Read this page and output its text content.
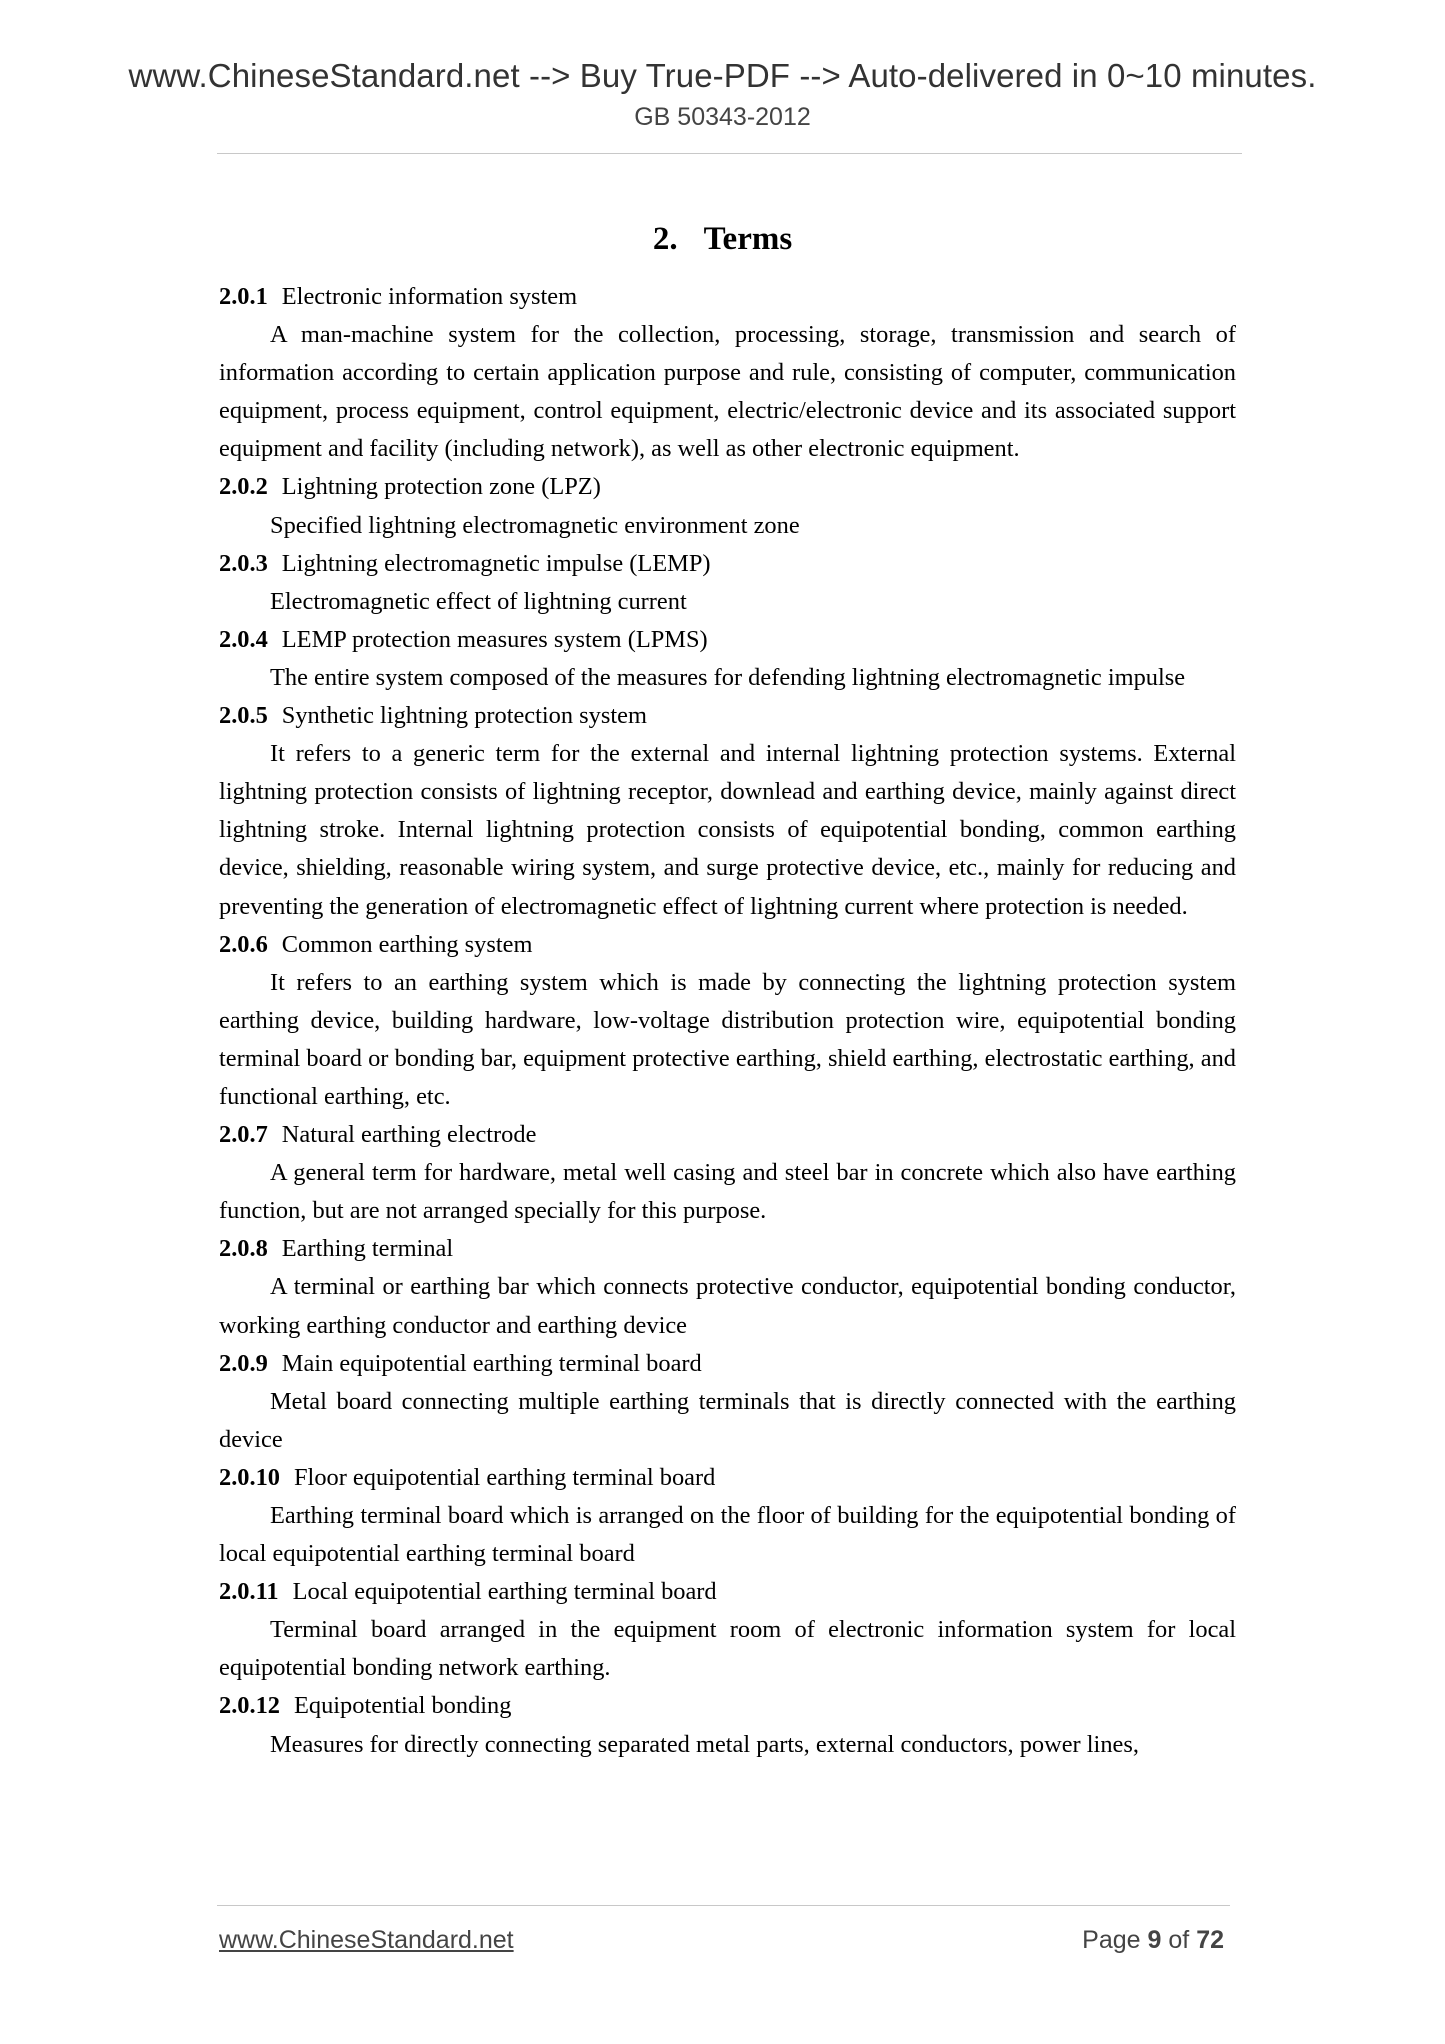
www.ChineseStandard.net --> Buy True-PDF --> Auto-delivered in 0~10 minutes.
GB 50343-2012
2. Terms

2.0.1 Electronic information system

A man-machine system for the collection, processing, storage, transmission and search of information according to certain application purpose and rule, consisting of computer, communication equipment, process equipment, control equipment, electric/electronic device and its associated support equipment and facility (including network), as well as other electronic equipment.

2.0.2 Lightning protection zone (LPZ)

Specified lightning electromagnetic environment zone

2.0.3 Lightning electromagnetic impulse (LEMP)

Electromagnetic effect of lightning current

2.0.4 LEMP protection measures system (LPMS)

The entire system composed of the measures for defending lightning electromagnetic impulse

2.0.5 Synthetic lightning protection system

It refers to a generic term for the external and internal lightning protection systems. External lightning protection consists of lightning receptor, downlead and earthing device, mainly against direct lightning stroke. Internal lightning protection consists of equipotential bonding, common earthing device, shielding, reasonable wiring system, and surge protective device, etc., mainly for reducing and preventing the generation of electromagnetic effect of lightning current where protection is needed.

2.0.6 Common earthing system

It refers to an earthing system which is made by connecting the lightning protection system earthing device, building hardware, low-voltage distribution protection wire, equipotential bonding terminal board or bonding bar, equipment protective earthing, shield earthing, electrostatic earthing, and functional earthing, etc.

2.0.7 Natural earthing electrode

A general term for hardware, metal well casing and steel bar in concrete which also have earthing function, but are not arranged specially for this purpose.

2.0.8 Earthing terminal

A terminal or earthing bar which connects protective conductor, equipotential bonding conductor, working earthing conductor and earthing device

2.0.9 Main equipotential earthing terminal board

Metal board connecting multiple earthing terminals that is directly connected with the earthing device

2.0.10 Floor equipotential earthing terminal board

Earthing terminal board which is arranged on the floor of building for the equipotential bonding of local equipotential earthing terminal board

2.0.11 Local equipotential earthing terminal board

Terminal board arranged in the equipment room of electronic information system for local equipotential bonding network earthing.

2.0.12 Equipotential bonding

Measures for directly connecting separated metal parts, external conductors, power lines,

www.ChineseStandard.net	Page 9 of 72
